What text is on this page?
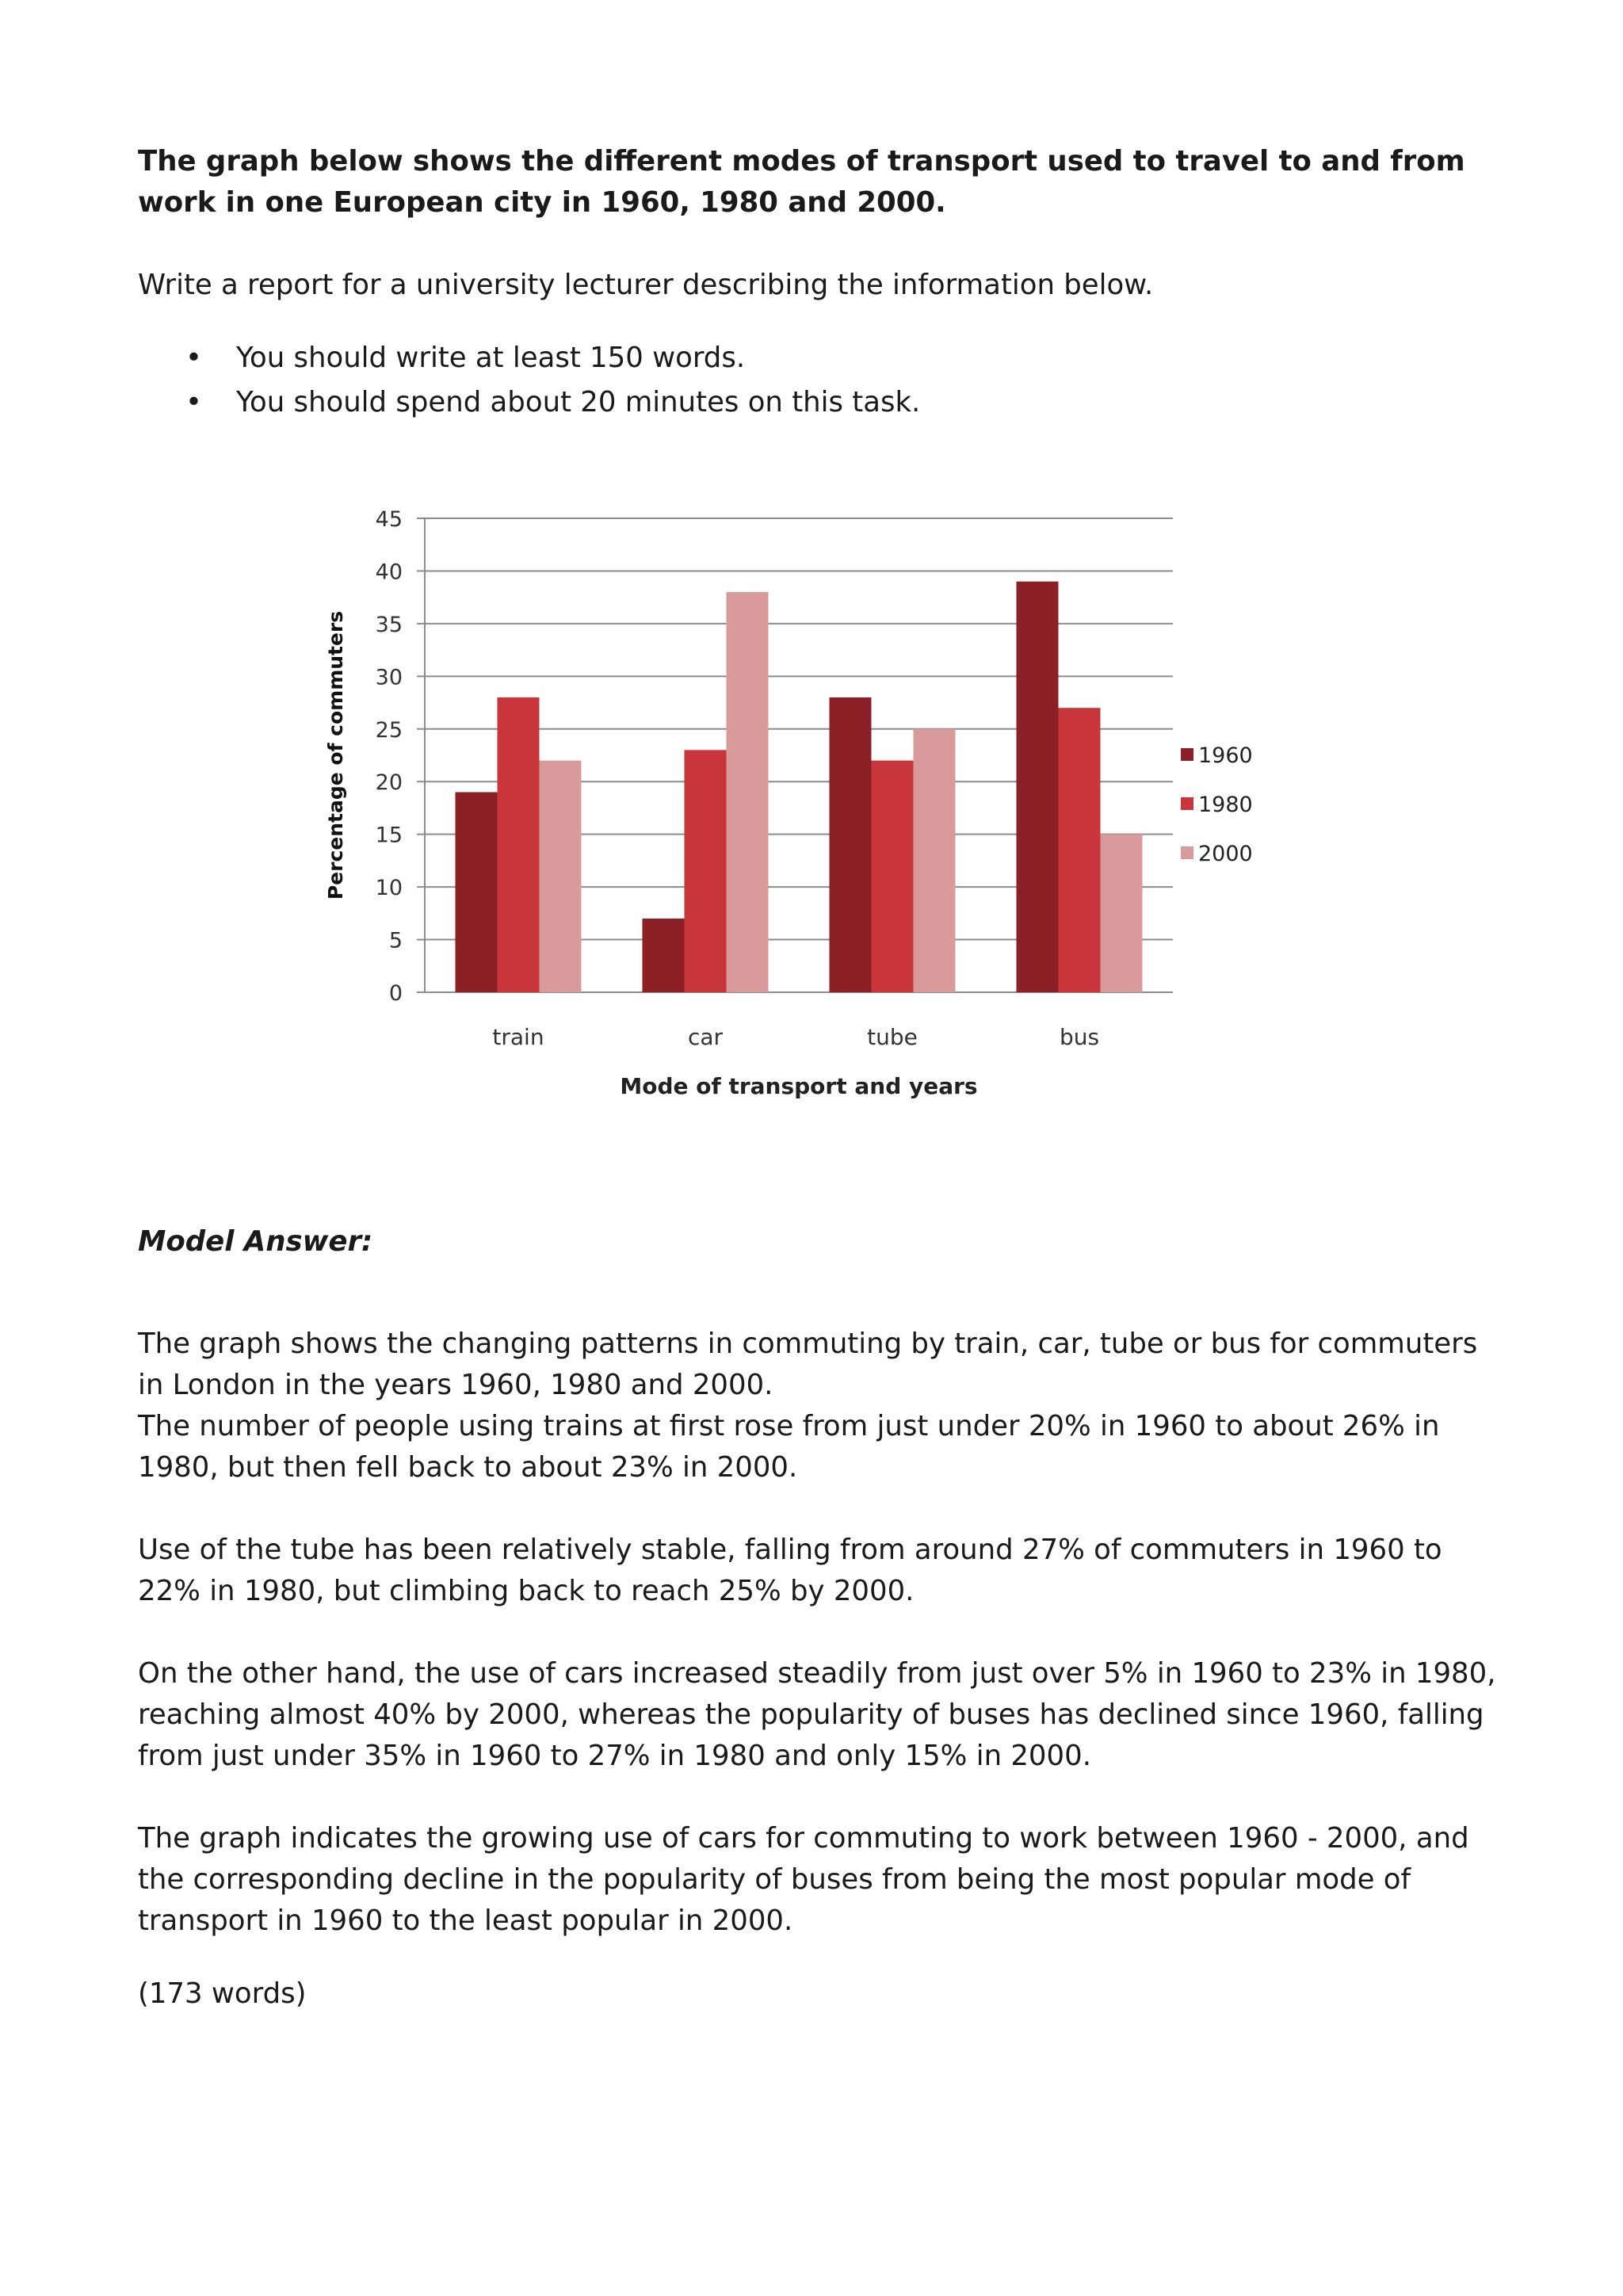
The graph below shows the different modes of transport used to travel to and from work in one European city in 1960, 1980 and 2000.
Write a report for a university lecturer describing the information below.
• You should write at least 150 words.
• You should spend about 20 minutes on this task.
0
5
10
15
20
25
30
35
40
45
Percentage of commuters
train	car	tube	bus
Mode of transport and years
1960
1980
2000
Model Answer:
The graph shows the changing patterns in commuting by train, car, tube or bus for commuters in London in the years 1960, 1980 and 2000.
The number of people using trains at first rose from just under 20% in 1960 to about 26% in 1980, but then fell back to about 23% in 2000.
Use of the tube has been relatively stable, falling from around 27% of commuters in 1960 to 22% in 1980, but climbing back to reach 25% by 2000.
On the other hand, the use of cars increased steadily from just over 5% in 1960 to 23% in 1980, reaching almost 40% by 2000, whereas the popularity of buses has declined since 1960, falling from just under 35% in 1960 to 27% in 1980 and only 15% in 2000.
The graph indicates the growing use of cars for commuting to work between 1960 - 2000, and the corresponding decline in the popularity of buses from being the most popular mode of transport in 1960 to the least popular in 2000.
(173 words)
